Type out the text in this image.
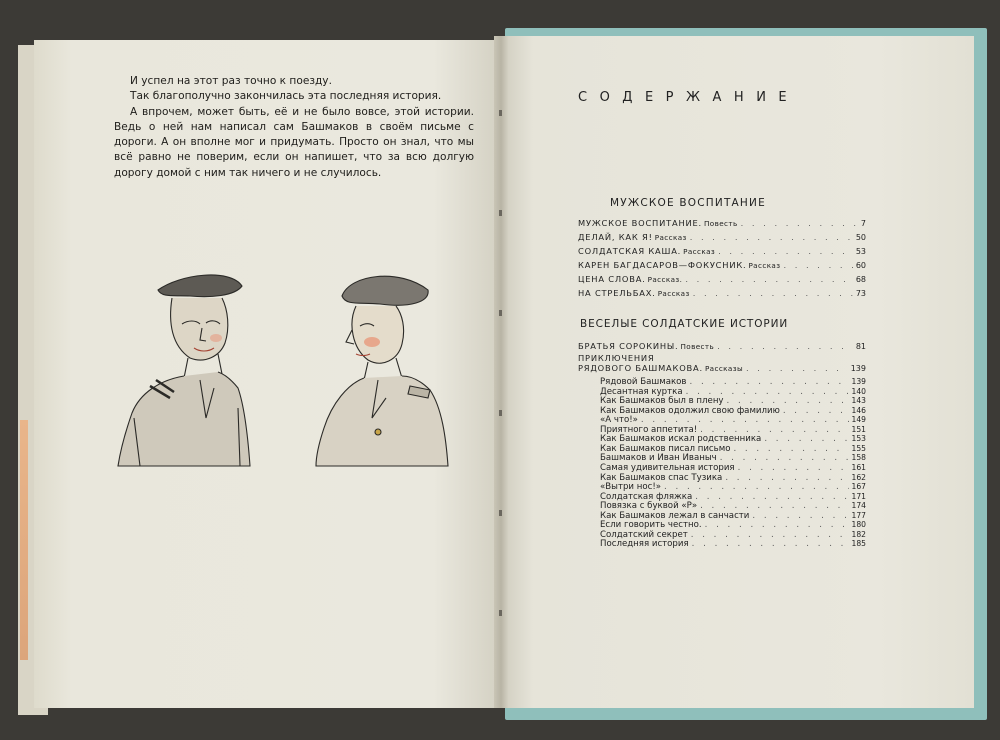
И успел на этот раз точно к поезду.

Так благополучно закончилась эта последняя история.

А впрочем, может быть, её и не было вовсе, этой истории. Ведь о ней нам написал сам Башмаков в своём письме с дороги. А он вполне мог и придумать. Просто он знал, что мы всё равно не поверим, если он напишет, что за всю долгую дорогу домой с ним так ничего и не случилось.

СОДЕРЖАНИЕ
МУЖСКОЕ ВОСПИТАНИЕ
МУЖСКОЕ ВОСПИТАНИЕ. Повесть . . .	7
ДЕЛАЙ, КАК Я! Рассказ . . .	50
СОЛДАТСКАЯ КАША. Рассказ . . .	53
КАРЕН БАГДАСАРОВ—ФОКУСНИК. Рассказ . . .	60
ЦЕНА СЛОВА. Рассказ. . . .	68
НА СТРЕЛЬБАХ. Рассказ . . .	73
ВЕСЕЛЫЕ СОЛДАТСКИЕ ИСТОРИИ
БРАТЬЯ СОРОКИНЫ. Повесть . . .	81
ПРИКЛЮЧЕНИЯ
РЯДОВОГО БАШМАКОВА. Рассказы . . .	139
Рядовой Башмаков . . .	139
Десантная куртка . . .	140
Как Башмаков был в плену . . .	143
Как Башмаков одолжил свою фамилию . . .	146
«А что!» . . .	149
Приятного аппетита! . . .	151
Как Башмаков искал родственника . . .	153
Как Башмаков писал письмо . . .	155
Башмаков и Иван Иваныч . . .	158
Самая удивительная история . . .	161
Как Башмаков спас Тузика . . .	162
«Вытри нос!» . . .	167
Солдатская фляжка . . .	171
Повязка с буквой «Р» . . .	174
Как Башмаков лежал в санчасти . . .	177
Если говорить честно. . . .	180
Солдатский секрет . . .	182
Последняя история . . .	185
